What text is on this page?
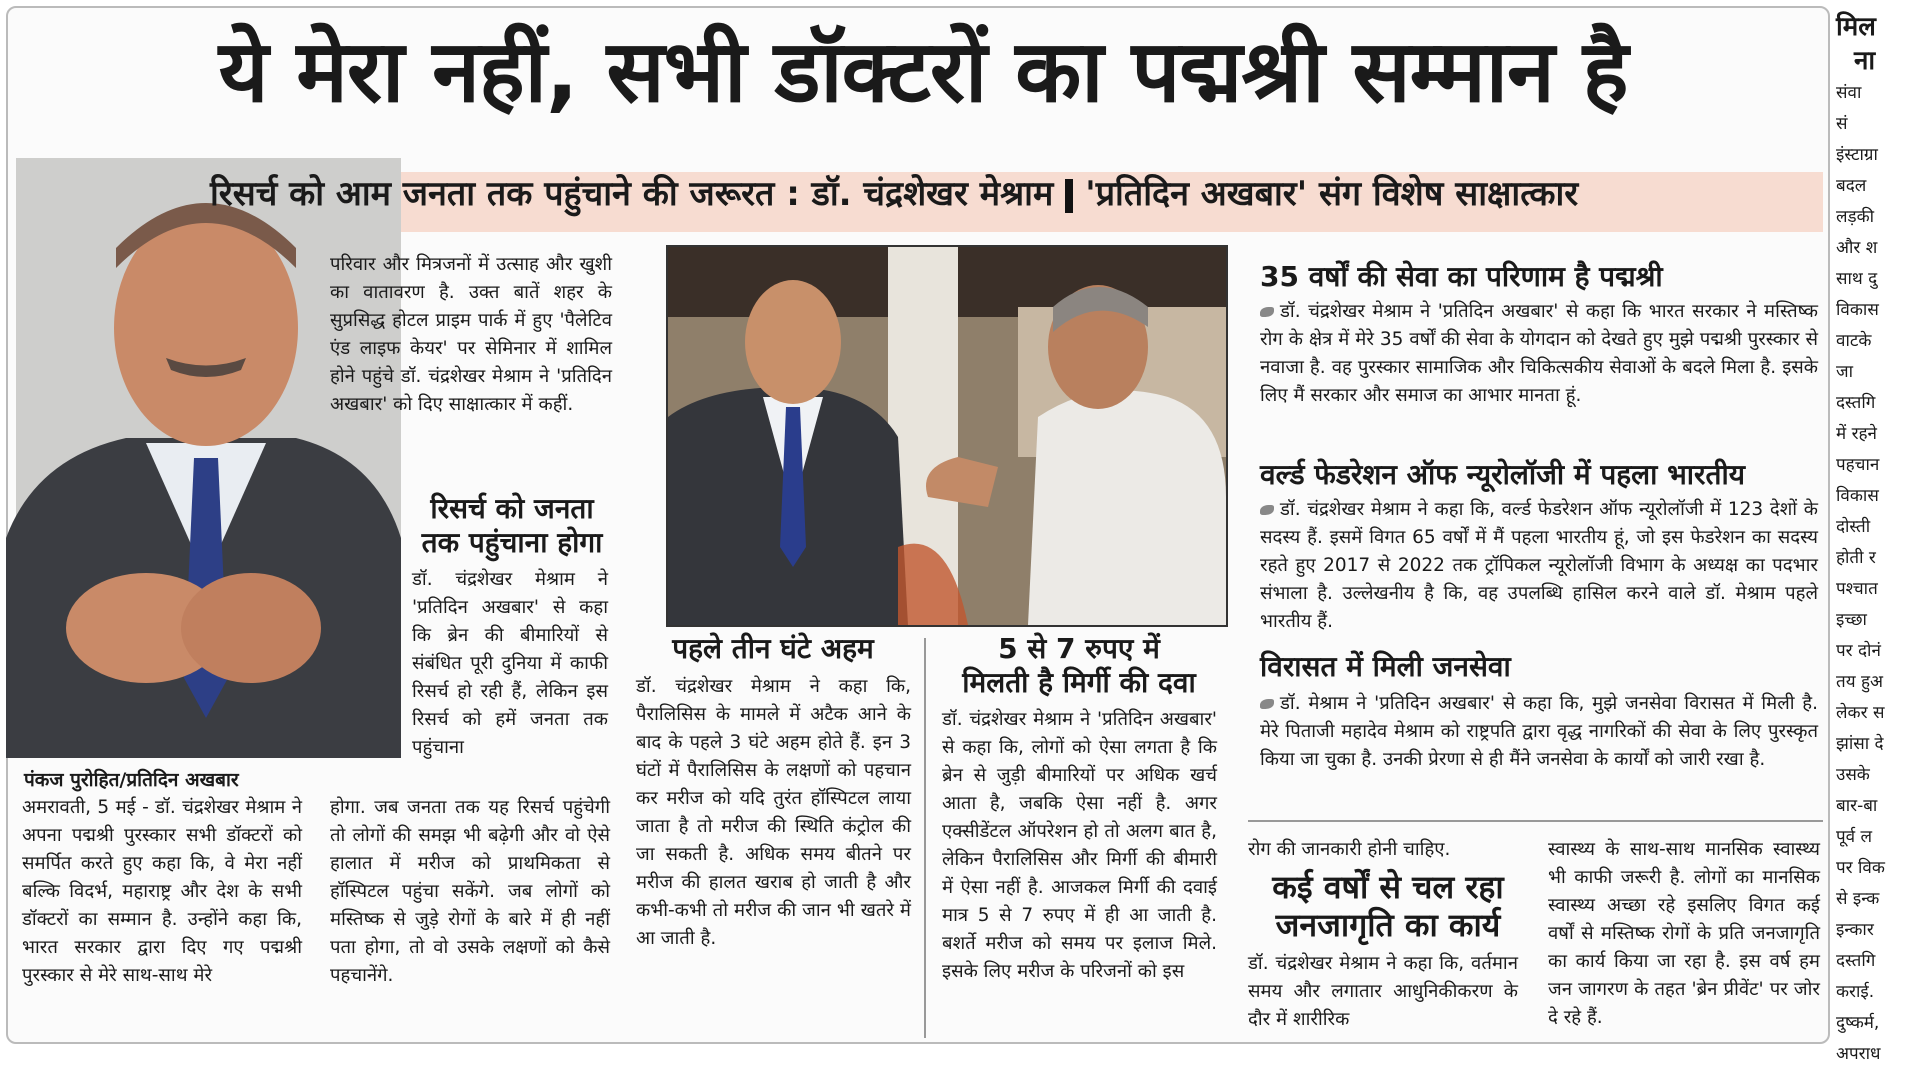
ये मेरा नहीं, सभी डॉक्टरों का पद्मश्री सम्मान है
पंकज पुरोहित/प्रतिदिन अखबार
अमरावती, 5 मई - डॉ. चंद्रशेखर मेश्राम ने अपना पद्मश्री पुरस्कार सभी डॉक्टरों को समर्पित करते हुए कहा कि, वे मेरा नहीं बल्कि विदर्भ, महाराष्ट्र और देश के सभी डॉक्टरों का सम्मान है. उन्होंने कहा कि, भारत सरकार द्वारा दिए गए पद्मश्री पुरस्कार से मेरे साथ-साथ मेरे
परिवार और मित्रजनों में उत्साह और खुशी का वातावरण है. उक्त बातें शहर के सुप्रसिद्ध होटल प्राइम पार्क में हुए 'पैलेटिव एंड लाइफ केयर' पर सेमिनार में शामिल होने पहुंचे डॉ. चंद्रशेखर मेश्राम ने 'प्रतिदिन अखबार' को दिए साक्षात्कार में कहीं.
रिसर्च को जनता
तक पहुंचाना होगा
डॉ. चंद्रशेखर मेश्राम ने 'प्रतिदिन अखबार' से कहा कि ब्रेन की बीमारियों से संबंधित पूरी दुनिया में काफी रिसर्च हो रही हैं, लेकिन इस रिसर्च को हमें जनता तक पहुंचाना
होगा. जब जनता तक यह रिसर्च पहुंचेगी तो लोगों की समझ भी बढ़ेगी और वो ऐसे हालात में मरीज को प्राथमिकता से हॉस्पिटल पहुंचा सकेंगे. जब लोगों को मस्तिष्क से जुड़े रोगों के बारे में ही नहीं पता होगा, तो वो उसके लक्षणों को कैसे पहचानेंगे.
पहले तीन घंटे अहम
डॉ. चंद्रशेखर मेश्राम ने कहा कि, पैरालिसिस के मामले में अटैक आने के बाद के पहले 3 घंटे अहम होते हैं. इन 3 घंटों में पैरालिसिस के लक्षणों को पहचान कर मरीज को यदि तुरंत हॉस्पिटल लाया जाता है तो मरीज की स्थिति कंट्रोल की जा सकती है. अधिक समय बीतने पर मरीज की हालत खराब हो जाती है और कभी-कभी तो मरीज की जान भी खतरे में आ जाती है.
5 से 7 रुपए में
मिलती है मिर्गी की दवा
डॉ. चंद्रशेखर मेश्राम ने 'प्रतिदिन अखबार' से कहा कि, लोगों को ऐसा लगता है कि ब्रेन से जुड़ी बीमारियों पर अधिक खर्च आता है, जबकि ऐसा नहीं है. अगर एक्सीडेंटल ऑपरेशन हो तो अलग बात है, लेकिन पैरालिसिस और मिर्गी की बीमारी में ऐसा नहीं है. आजकल मिर्गी की दवाई मात्र 5 से 7 रुपए में ही आ जाती है. बशर्ते मरीज को समय पर इलाज मिले. इसके लिए मरीज के परिजनों को इस
35 वर्षों की सेवा का परिणाम है पद्मश्री
डॉ. चंद्रशेखर मेश्राम ने 'प्रतिदिन अखबार' से कहा कि भारत सरकार ने मस्तिष्क रोग के क्षेत्र में मेरे 35 वर्षों की सेवा के योगदान को देखते हुए मुझे पद्मश्री पुरस्कार से नवाजा है. वह पुरस्कार सामाजिक और चिकित्सकीय सेवाओं के बदले मिला है. इसके लिए मैं सरकार और समाज का आभार मानता हूं.
वर्ल्ड फेडरेशन ऑफ न्यूरोलॉजी में पहला भारतीय
डॉ. चंद्रशेखर मेश्राम ने कहा कि, वर्ल्ड फेडरेशन ऑफ न्यूरोलॉजी में 123 देशों के सदस्य हैं. इसमें विगत 65 वर्षों में मैं पहला भारतीय हूं, जो इस फेडरेशन का सदस्य रहते हुए 2017 से 2022 तक ट्रॉपिकल न्यूरोलॉजी विभाग के अध्यक्ष का पदभार संभाला है. उल्लेखनीय है कि, वह उपलब्धि हासिल करने वाले डॉ. मेश्राम पहले भारतीय हैं.
विरासत में मिली जनसेवा
डॉ. मेश्राम ने 'प्रतिदिन अखबार' से कहा कि, मुझे जनसेवा विरासत में मिली है. मेरे पिताजी महादेव मेश्राम को राष्ट्रपति द्वारा वृद्ध नागरिकों की सेवा के लिए पुरस्कृत किया जा चुका है. उनकी प्रेरणा से ही मैंने जनसेवा के कार्यों को जारी रखा है.
रोग की जानकारी होनी चाहिए.
कई वर्षों से चल रहा
जनजागृति का कार्य
डॉ. चंद्रशेखर मेश्राम ने कहा कि, वर्तमान समय और लगातार आधुनिकीकरण के दौर में शारीरिक
स्वास्थ्य के साथ-साथ मानसिक स्वास्थ्य भी काफी जरूरी है. लोगों का मानसिक स्वास्थ्य अच्छा रहे इसलिए विगत कई वर्षों से मस्तिष्क रोगों के प्रति जनजागृति का कार्य किया जा रहा है. इस वर्ष हम जन जागरण के तहत 'ब्रेन प्रीवेंट' पर जोर दे रहे हैं.
रिसर्च को आम जनता तक पहुंचाने की जरूरत : डॉ. चंद्रशेखर मेश्राम 'प्रतिदिन अखबार' संग विशेष साक्षात्कार
मिल
ना
संवा
सं
इंस्टाग्रा
बदल
लड़की
और श
साथ दु
विकास
वाटके
जा
दस्तगि
में रहने
पहचान
विकास
दोस्ती
होती र
पश्चात
इच्छा
पर दोनं
तय हुअ
लेकर स
झांसा दे
उसके
बार-बा
पूर्व ल
पर विक
से इन्क
इन्कार
दस्तगि
कराई.
दुष्कर्म,
अपराध
